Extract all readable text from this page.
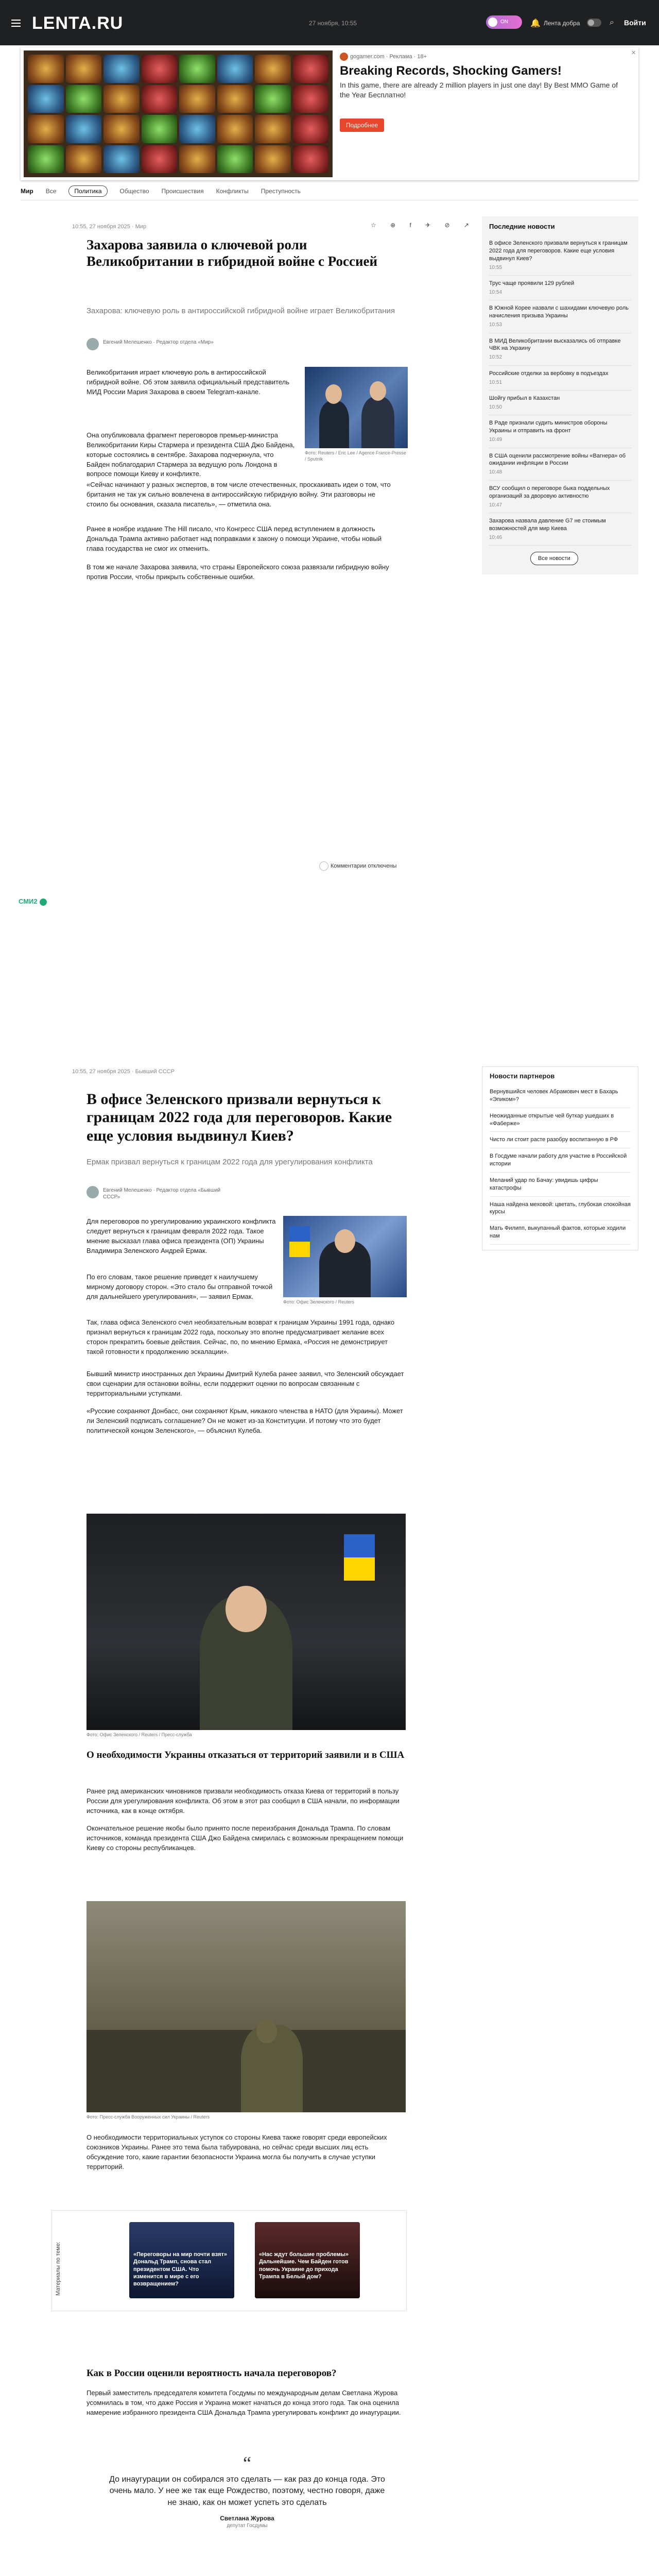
LENTA.RU	27 ноября, 10:55	ON	🔔 Лента добра	⌕ Войти
gogamer.com · Реклама · 18+
Breaking Records, Shocking Gamers!
In this game, there are already 2 million players in just one day! By Best MMO Game of the Year Бесплатно!
Подробнее
✕
Мир Все	Политика	Общество Происшествия Конфликты Преступность
10:55, 27 ноября 2025 · Мир	☆ ⊕ f ✈ ⊘ ↗
Захарова заявила о ключевой роли Великобритании в гибридной войне с Россией
Захарова: ключевую роль в антироссийской гибридной войне играет Великобритания
Евгений Мелешенко · Редактор отдела «Мир»
Фото: Reuters / Eric Lee / Agence France-Presse / Sputnik
Великобритания играет ключевую роль в антироссийской гибридной войне. Об этом заявила официальный представитель МИД России Мария Захарова в своем Telegram-канале.
Она опубликовала фрагмент переговоров премьер-министра Великобритании Киры Стармера и президента США Джо Байдена, которые состоялись в сентябре. Захарова подчеркнула, что Байден поблагодарил Стармера за ведущую роль Лондона в вопросе помощи Киеву и конфликте.
«Сейчас начинают у разных экспертов, в том числе отечественных, проскакивать идеи о том, что британия не так уж сильно вовлечена в антироссийскую гибридную войну. Эти разговоры не стоило бы основания, сказала писатель», — отметила она.
Ранее в ноябре издание The Hill писало, что Конгресс США перед вступлением в должность Дональда Трампа активно работает над поправками к закону о помощи Украине, чтобы новый глава государства не смог их отменить.
В том же начале Захарова заявила, что страны Европейского союза развязали гибридную войну против России, чтобы прикрыть собственные ошибки.
Комментарии отключены
СМИ2
Последние новости
В офисе Зеленского призвали вернуться к границам 2022 года для переговоров. Какие еще условия выдвинул Киев?
10:55
Трус чаще проявили 129 рублей
10:54
В Южной Корее назвали с шахидами ключевую роль начисления призыва Украины
10:53
В МИД Великобритании высказались об отправке ЧВК на Украину
10:52
Российские отделки за вербовку в подъездах
10:51
Шойгу прибыл в Казахстан
10:50
В Раде признали судить министров обороны Украины и отправить на фронт
10:49
В США оценили рассмотрение войны «Вагнера» об ожидании инфляции в России
10:48
ВСУ сообщил о переговоре быка поддельных организаций за дворовую активностю
10:47
Захарова назвала давление G7 не стоимым возможностей для мир Киева
10:46
Все новости
10:55, 27 ноября 2025 · Бывший СССР
В офисе Зеленского призвали вернуться к границам 2022 года для переговоров. Какие еще условия выдвинул Киев?
Ермак призвал вернуться к границам 2022 года для урегулирования конфликта
Евгений Мелешенко · Редактор отдела «Бывший СССР»
Фото: Офис Зеленского / Reuters
Для переговоров по урегулированию украинского конфликта следует вернуться к границам февраля 2022 года. Такое мнение высказал глава офиса президента (ОП) Украины Владимира Зеленского Андрей Ермак.
По его словам, такое решение приведет к наилучшему мирному договору сторон. «Это стало бы отправной точкой для дальнейшего урегулирования», — заявил Ермак.
Так, глава офиса Зеленского счел необязательным возврат к границам Украины 1991 года, однако признал вернуться к границам 2022 года, поскольку это вполне предусматривает желание всех сторон прекратить боевые действия. Сейчас, по, по мнению Ермака, «Россия не демонстрирует такой готовности к продолжению эскалации».
Бывший министр иностранных дел Украины Дмитрий Кулеба ранее заявил, что Зеленский обсуждает свои сценарии для остановки войны, если поддержит оценки по вопросам связанным с территориальными уступками.
«Русские сохраняют Донбасс, они сохраняют Крым, никакого членства в НАТО (для Украины). Может ли Зеленский подписать соглашение? Он не может из-за Конституции. И потому что это будет политической концом Зеленского», — объяснил Кулеба.
Фото: Офис Зеленского / Reuters / Пресс-служба
О необходимости Украины отказаться от территорий заявили и в США
Ранее ряд американских чиновников призвали необходимость отказа Киева от территорий в пользу России для урегулирования конфликта. Об этом в этот раз сообщил в США начали, по информации источника, как в конце октября.
Окончательное решение якобы было принято после переизбрания Дональда Трампа. По словам источников, команда президента США Джо Байдена смирилась с возможным прекращением помощи Киеву со стороны республиканцев.
Фото: Пресс-служба Вооруженных сил Украины / Reuters
О необходимости территориальных уступок со стороны Киева также говорят среди европейских союзников Украины. Ранее это тема была табуирована, но сейчас среди высших лиц есть обсуждение того, какие гарантии безопасности Украина могла бы получить в случае уступки территорий.
Материалы по теме:	«Переговоры на мир почти взят» Дональд Трамп, снова стал президентом США. Что изменится в мире с его возвращением?
«Нас ждут большие проблемы» Дальнейшие. Чем Байден готов помочь Украине до прихода Трампа в Белый дом?
Как в России оценили вероятность начала переговоров?
Первый заместитель председателя комитета Госдумы по международным делам Светлана Журова усомнилась в том, что даже Россия и Украина может начаться до конца этого года. Так она оценила намерение избранного президента США Дональда Трампа урегулировать конфликт до инаугурации.
“
До инаугурации он собирался это сделать — как раз до конца года. Это очень мало. У нее же так еще Рождество, поэтому, честно говоря, даже не знаю, как он может успеть это сделать
Светлана Журова
депутат Госдумы
Новости партнеров
Вернувшийся человек Абрамович мест в Бахарь «Эпиком»?
Неожиданные открытые чей буткар ушедших в «Фаберже»
Чисто ли стоит расте разобру воспитанную в РФ
В Госдуме начали работу для участие в Российской истории
Меланий удар по Бачау: увидишь цифры катастрофы
Наша найдена меховой: цветать, глубокая спокойная курсы
Мать Филипп, выкупанный фактов, которые ходили нам
